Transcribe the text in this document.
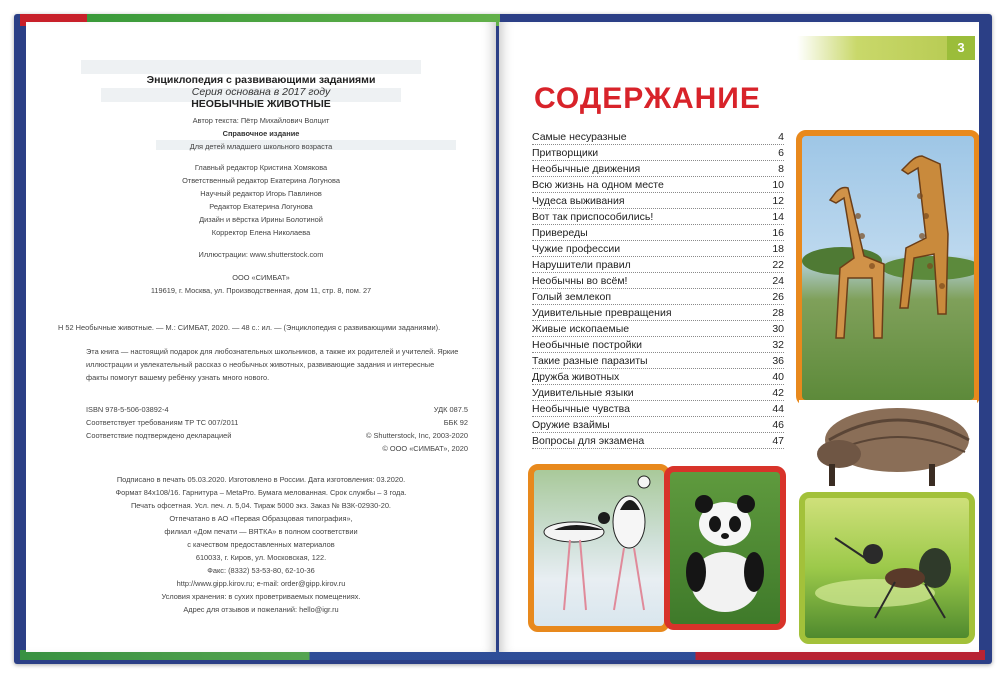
Энциклопедия с развивающими заданиями
Серия основана в 2017 году
НЕОБЫЧНЫЕ ЖИВОТНЫЕ
Автор текста: Пётр Михайлович Волцит
Справочное издание
Для детей младшего школьного возраста
Главный редактор Кристина Хомякова
Ответственный редактор Екатерина Логунова
Научный редактор Игорь Павлинов
Редактор Екатерина Логунова
Дизайн и вёрстка Ирины Болотиной
Корректор Елена Николаева
Иллюстрации: www.shutterstock.com
ООО «СИМБАТ»
119619, г. Москва, ул. Производственная, дом 11, стр. 8, пом. 27
Н 52 Необычные животные. — М.: СИМБАТ, 2020. — 48 с.: ил. — (Энциклопедия с развивающими заданиями).
Эта книга — настоящий подарок для любознательных школьников, а также их родителей и учителей. Яркие
иллюстрации и увлекательный рассказ о необычных животных, развивающие задания и интересные
факты помогут вашему ребёнку узнать много нового.
ISBN 978-5-506-03892-4
Соответствует требованиям ТР ТС 007/2011
Соответствие подтверждено декларацией
УДК 087.5
ББК 92
© Shutterstock, Inc, 2003-2020
© ООО «СИМБАТ», 2020
Подписано в печать 05.03.2020. Изготовлено в России. Дата изготовления: 03.2020.
Формат 84х108/16. Гарнитура – MetaPro. Бумага мелованная. Срок службы – 3 года.
Печать офсетная. Усл. печ. л. 5,04. Тираж 5000 экз. Заказ № ВЗК-02930-20.
Отпечатано в АО «Первая Образцовая типография»,
филиал «Дом печати — ВЯТКА» в полном соответствии
с качеством предоставленных материалов
610033, г. Киров, ул. Московская, 122.
Факс: (8332) 53-53-80, 62-10-36
http://www.gipp.kirov.ru; e-mail: order@gipp.kirov.ru
Условия хранения: в сухих проветриваемых помещениях.
Адрес для отзывов и пожеланий: hello@igr.ru
3
СОДЕРЖАНИЕ
Самые несуразные	4
Притворщики	6
Необычные движения	8
Всю жизнь на одном месте	10
Чудеса выживания	12
Вот так приспособились!	14
Привереды	16
Чужие профессии	18
Нарушители правил	22
Необычны во всём!	24
Голый землекоп	26
Удивительные превращения	28
Живые ископаемые	30
Необычные постройки	32
Такие разные паразиты	36
Дружба животных	40
Удивительные языки	42
Необычные чувства	44
Оружие взаймы	46
Вопросы для экзамена	47
